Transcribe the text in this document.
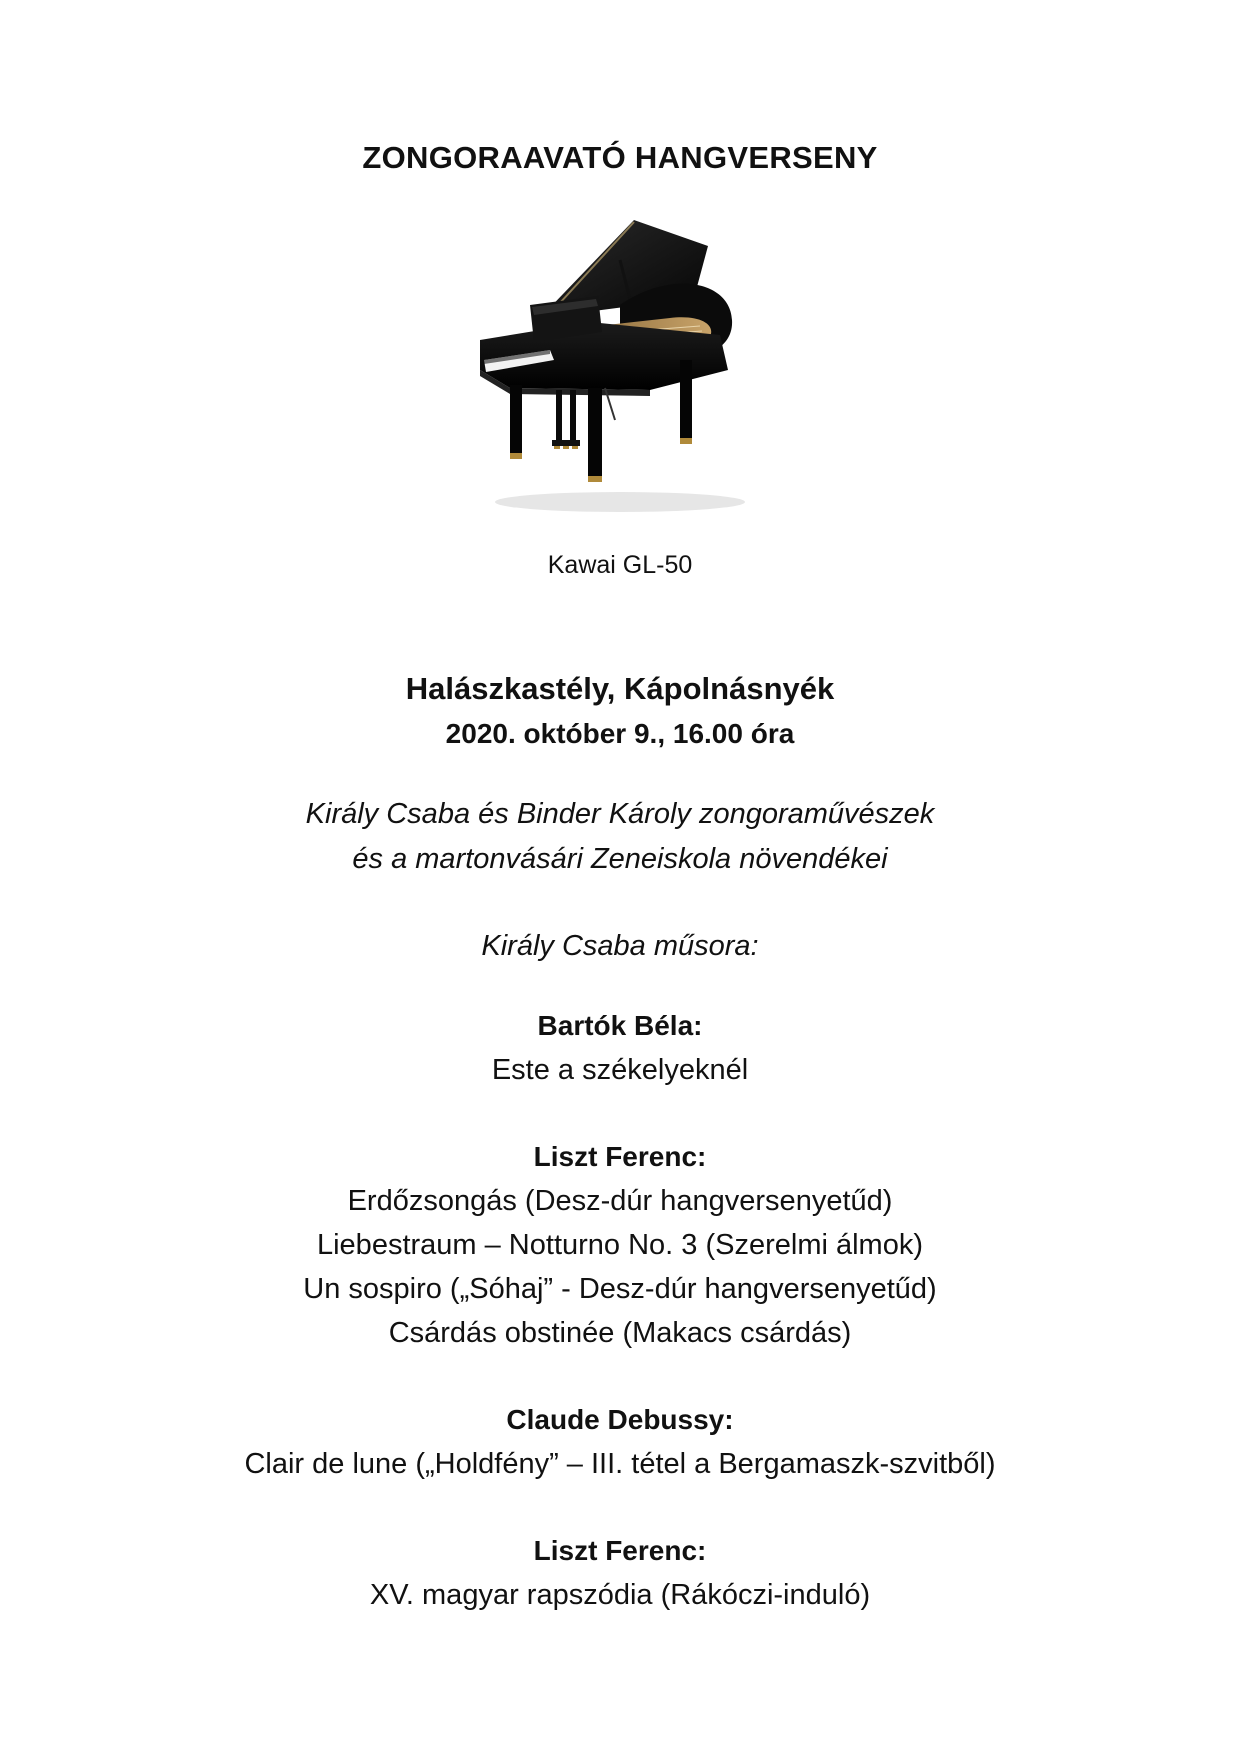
ZONGORAAVATÓ HANGVERSENY
Kawai GL-50
Halászkastély, Kápolnásnyék
2020. október 9., 16.00 óra
Király Csaba és Binder Károly zongoraművészek
és a martonvásári Zeneiskola növendékei
Király Csaba műsora:
Bartók Béla:
Este a székelyeknél
Liszt Ferenc:
Erdőzsongás (Desz-dúr hangversenyetűd)
Liebestraum – Notturno No. 3 (Szerelmi álmok)
Un sospiro („Sóhaj” - Desz-dúr hangversenyetűd)
Csárdás obstinée (Makacs csárdás)
Claude Debussy:
Clair de lune („Holdfény” – III. tétel a Bergamaszk-szvitből)
Liszt Ferenc:
XV. magyar rapszódia (Rákóczi-induló)
